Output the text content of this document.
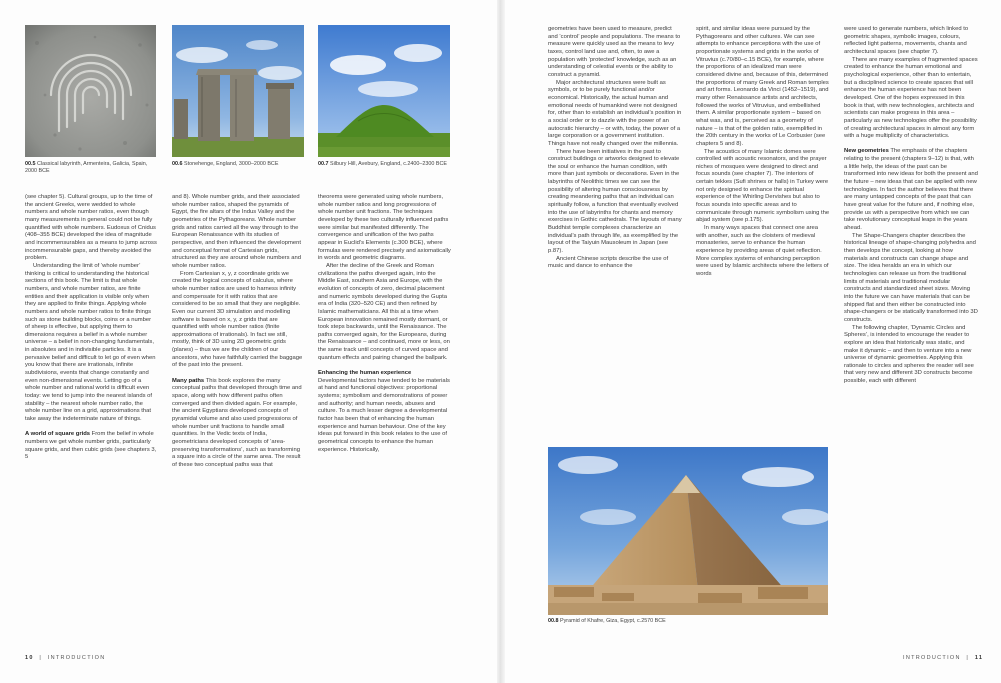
00.5 Classical labyrinth, Armenteira, Galicia, Spain, 2000 BCE
00.6 Stonehenge, England, 3000–2000 BCE	00.7 Silbury Hill, Avebury, England, c.2400–2300 BCE

(see chapter 5). Cultural groups, up to the time of the ancient Greeks, were wedded to whole numbers and whole number ratios, even though many measurements in general could not be fully quantified with whole numbers. Eudoxus of Cnidus (408–355 BCE) developed the idea of magnitude and incommensurables as a means to jump across incommensurable gaps, and thereby avoided the problem.

Understanding the limit of ‘whole number’ thinking is critical to understanding the historical sections of this book. The limit is that whole numbers, and whole number ratios, are finite entities and their application is visible only when they are applied to finite things. Applying whole numbers and whole number ratios to finite things such as stone building blocks, coins or a number of sheep is effective, but applying them to dimensions requires a belief in a whole number universe – a belief in non-changing fundamentals, in absolutes and in indivisible particles. It is a pervasive belief and difficult to let go of even when you know that there are irrationals, infinite subdivisions, events that change constantly and even non-dimensional events. Letting go of a whole number and rational world is difficult even today: we tend to jump into the nearest islands of stability – the nearest whole number ratio, the whole number line on a grid, approximations that take away the indeterminate nature of things.

A world of square grids From the belief in whole numbers we get whole number grids, particularly square grids, and then cubic grids (see chapters 3, 5

and 8). Whole number grids, and their associated whole number ratios, shaped the pyramids of Egypt, the fire altars of the Indus Valley and the geometries of the Pythagoreans. Whole number grids and ratios carried all the way through to the European Renaissance with its studies of perspective, and then influenced the development and conceptual format of Cartesian grids, structured as they are around whole numbers and whole number ratios.

From Cartesian x, y, z coordinate grids we created the logical concepts of calculus, where whole number ratios are used to harness infinity and compensate for it with ratios that are considered to be so small that they are negligible. Even our current 3D simulation and modelling software is based on x, y, z grids that are quantified with whole number ratios (finite approximations of irrationals). In fact we still, mostly, think of 3D using 2D geometric grids (planes) – thus we are the children of our ancestors, who have faithfully carried the baggage of the past into the present.

Many paths This book explores the many conceptual paths that developed through time and space, along with how different paths often converged and then divided again. For example, the ancient Egyptians developed concepts of pyramidal volume and also used progressions of whole number unit fractions to handle small quantities. In the Vedic texts of India, geometricians developed concepts of ‘area-preserving transformations’, such as transforming a square into a circle of the same area. The result of these two conceptual paths was that

theorems were generated using whole numbers, whole number ratios and long progressions of whole number unit fractions. The techniques developed by these two culturally influenced paths were similar but manifested differently. The convergence and unification of the two paths appear in Euclid’s Elements (c.300 BCE), where formulas were rendered precisely and axiomatically in words and geometric diagrams.

After the decline of the Greek and Roman civilizations the paths diverged again, into the Middle East, southern Asia and Europe, with the evolution of concepts of zero, decimal placement and numeric symbols developed during the Gupta era of India (320–520 CE) and then refined by Islamic mathematicians. All this at a time when European innovation remained mostly dormant, or took steps backwards, until the Renaissance. The paths converged again, for the Europeans, during the Renaissance – and continued, more or less, on the same track until concepts of curved space and quantum effects and pairing changed the ballpark.

Enhancing the human experience
Developmental factors have tended to be materials at hand and functional objectives: proportional systems; symbolism and demonstrations of power and authority; and human needs, abuses and culture. To a much lesser degree a developmental factor has been that of enhancing the human experience and human behaviour. One of the key ideas put forward in this book relates to the use of geometrical concepts to enhance the human experience. Historically,

10  |  INTRODUCTION

geometries have been used to measure, predict and ‘control’ people and populations. The means to measure were quickly used as the means to levy taxes, control land use and, often, to awe a population with ‘protected’ knowledge, such as an understanding of celestial events or the ability to construct a pyramid.

Major architectural structures were built as symbols, or to be purely functional and/or economical. Historically, the actual human and emotional needs of humankind were not designed for, other than to establish an individual’s position in a social order or to dazzle with the power of an autocratic hierarchy – or with, today, the power of a large corporation or a government institution. Things have not really changed over the millennia.

There have been initiatives in the past to construct buildings or artworks designed to elevate the soul or enhance the human condition, with more than just symbols or decorations. Even in the labyrinths of Neolithic times we can see the possibility of altering human consciousness by creating meandering paths that an individual can spiritually follow, a function that eventually evolved into the use of labyrinths for chants and memory exercises in Gothic cathedrals. The layouts of many Buddhist temple complexes characterize an individual’s path through life, as exemplified by the layout of the Taiyuin Mausoleum in Japan (see p.87).

Ancient Chinese scripts describe the use of music and dance to enhance the

spirit, and similar ideas were pursued by the Pythagoreans and other cultures. We can see attempts to enhance perceptions with the use of proportionate systems and grids in the works of Vitruvius (c.70/80–c.15 BCE), for example, where the proportions of an idealized man were considered divine and, because of this, determined the proportions of many Greek and Roman temples and art forms. Leonardo da Vinci (1452–1519), and many other Renaissance artists and architects, followed the works of Vitruvius, and embellished them. A similar proportionate system – based on what was, and is, perceived as a geometry of nature – is that of the golden ratio, exemplified in the 20th century in the works of Le Corbusier (see chapters 5 and 8).

The acoustics of many Islamic domes were controlled with acoustic resonators, and the prayer niches of mosques were designed to direct and focus sounds (see chapter 7). The interiors of certain tekkes (Sufi shrines or halls) in Turkey were not only designed to enhance the spiritual experience of the Whirling Dervishes but also to focus sounds into specific areas and to communicate through numeric symbolism using the abjad system (see p.175).

In many ways spaces that connect one area with another, such as the cloisters of medieval monasteries, serve to enhance the human experience by providing areas of quiet reflection. More complex systems of enhancing perception were used by Islamic architects where the letters of words

were used to generate numbers, which linked to geometric shapes, symbolic images, colours, reflected light patterns, movements, chants and architectural spaces (see chapter 7).

There are many examples of fragmented spaces created to enhance the human emotional and psychological experience, other than to entertain, but a disciplined science to create spaces that will enhance the human experience has not been developed. One of the hopes expressed in this book is that, with new technologies, architects and scientists can make progress in this area – particularly as new technologies offer the possibility of creating architectural spaces in almost any form with a huge multiplicity of characteristics.

New geometries The emphasis of the chapters relating to the present (chapters 9–12) is that, with a little help, the ideas of the past can be transformed into new ideas for both the present and the future – new ideas that can be applied with new technologies. In fact the author believes that there are many untapped concepts of the past that can have great value for the future and, if nothing else, provide us with a perspective from which we can take revolutionary conceptual leaps in the years ahead.

The Shape-Changers chapter describes the historical lineage of shape-changing polyhedra and then develops the concept, looking at how materials and constructs can change shape and size. The idea heralds an era in which our technologies can release us from the traditional limits of materials and traditional modular constructs and standardized sheet sizes. Moving into the future we can have materials that can be shipped flat and then either be constructed into shape-changers or be statically transformed into 3D constructs.

The following chapter, ‘Dynamic Circles and Spheres’, is intended to encourage the reader to explore an idea that historically was static, and make it dynamic – and then to venture into a new universe of dynamic geometries. Applying this rationale to circles and spheres the reader will see that very new and different 3D constructs become possible, each with different

00.8 Pyramid of Khafre, Giza, Egypt, c.2570 BCE
INTRODUCTION  |  11
